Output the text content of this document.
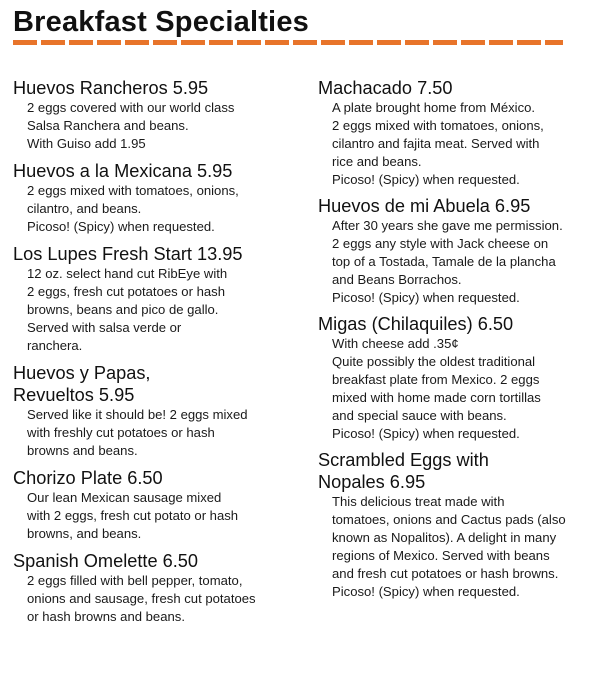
Breakfast Specialties
Huevos Rancheros 5.95
2 eggs covered with our world class
Salsa Ranchera and beans.
With Guiso add 1.95
Huevos a la Mexicana 5.95
2 eggs mixed with tomatoes, onions,
cilantro, and beans.
Picoso! (Spicy) when requested.
Los Lupes Fresh Start 13.95
12 oz. select hand cut RibEye with
2 eggs, fresh cut potatoes or hash
browns, beans and pico de gallo.
Served with salsa verde or
ranchera.
Huevos y Papas,
Revueltos 5.95
Served like it should be! 2 eggs mixed
with freshly cut potatoes or hash
browns and beans.
Chorizo Plate 6.50
Our lean Mexican sausage mixed
with 2 eggs, fresh cut potato or hash
browns, and beans.
Spanish Omelette 6.50
2 eggs filled with bell pepper, tomato,
onions and sausage, fresh cut potatoes
or hash browns and beans.
Machacado 7.50
A plate brought home from México.
2 eggs mixed with tomatoes, onions,
cilantro and fajita meat. Served with
rice and beans.
Picoso! (Spicy) when requested.
Huevos de mi Abuela 6.95
After 30 years she gave me permission.
2 eggs any style with Jack cheese on
top of a Tostada, Tamale de la plancha
and Beans Borrachos.
Picoso! (Spicy) when requested.
Migas (Chilaquiles) 6.50
With cheese add .35¢
Quite possibly the oldest traditional
breakfast plate from Mexico. 2 eggs
mixed with home made corn tortillas
and special sauce with beans.
Picoso! (Spicy) when requested.
Scrambled Eggs with
Nopales 6.95
This delicious treat made with
tomatoes, onions and Cactus pads (also
known as Nopalitos). A delight in many
regions of Mexico. Served with beans
and fresh cut potatoes or hash browns.
Picoso! (Spicy) when requested.
